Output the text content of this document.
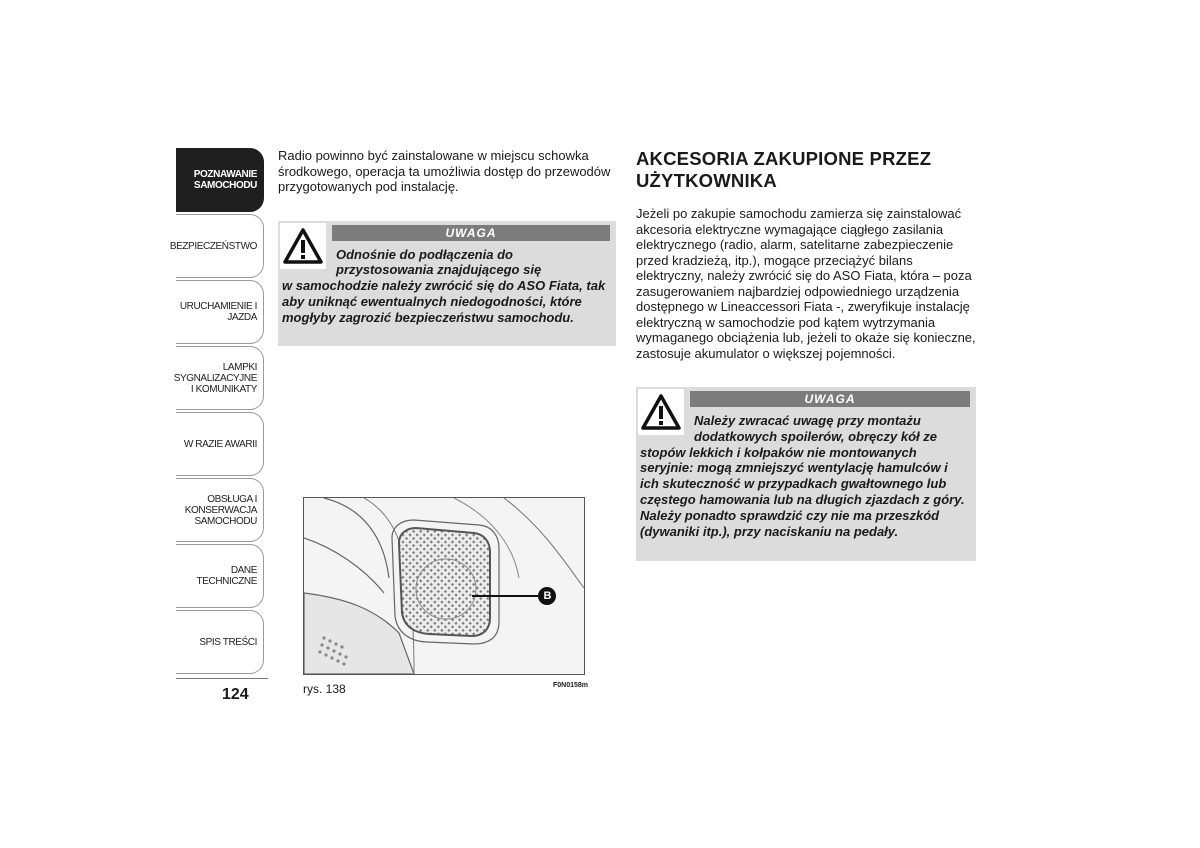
POZNAWANIE SAMOCHODU
BEZPIECZEŃSTWO
URUCHAMIENIE I JAZDA
LAMPKI SYGNALIZACYJNE I KOMUNIKATY
W RAZIE AWARII
OBSŁUGA I KONSERWACJA SAMOCHODU
DANE TECHNICZNE
SPIS TREŚCI
124

Radio powinno być zainstalowane w miejscu schowka środkowego, operacja ta umożliwia dostęp do przewodów przygotowanych pod instalację.

UWAGA
Odnośnie do podłączenia do przystosowania znajdującego się
w samochodzie należy zwrócić się do ASO Fiata, tak aby uniknąć ewentualnych niedogodności, które mogłyby zagrozić bezpieczeństwu samochodu.
B
rys. 138	F0N0158m
AKCESORIA ZAKUPIONE PRZEZ UŻYTKOWNIKA

Jeżeli po zakupie samochodu zamierza się zainstalować akcesoria elektryczne wymagające ciągłego zasilania elektrycznego (radio, alarm, satelitarne zabezpieczenie przed kradzieżą, itp.), mogące przeciążyć bilans elektryczny, należy zwrócić się do ASO Fiata, która – poza zasugerowaniem najbardziej odpowiedniego urządzenia dostępnego w Lineaccessori Fiata -, zweryfikuje instalację elektryczną w samochodzie pod kątem wytrzymania wymaganego obciążenia lub, jeżeli to okaże się konieczne, zastosuje akumulator o większej pojemności.

UWAGA
Należy zwracać uwagę przy montażu dodatkowych spoilerów, obręczy kół ze
stopów lekkich i kołpaków nie montowanych seryjnie: mogą zmniejszyć wentylację hamulców i ich skuteczność w przypadkach gwałtownego lub częstego hamowania lub na długich zjazdach z góry. Należy ponadto sprawdzić czy nie ma przeszkód (dywaniki itp.), przy naciskaniu na pedały.
